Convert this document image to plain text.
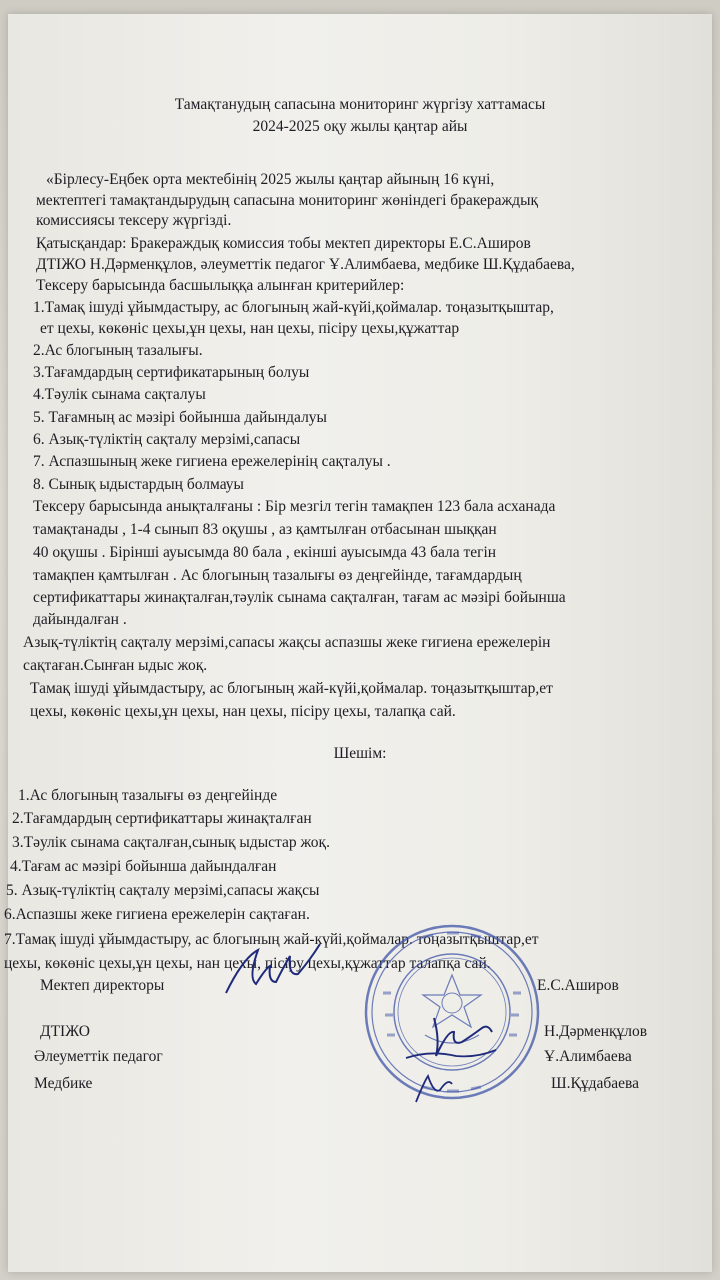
Тамақтанудың сапасына мониторинг жүргізу хаттамасы
2024-2025 оқу жылы қаңтар айы
«Бірлесу-Еңбек орта мектебінің 2025 жылы қаңтар айының 16 күні,
мектептегі тамақтандырудың сапасына мониторинг жөніндегі бракераждық
комиссиясы тексеру жүргізді.
Қатысқандар: Бракераждық комиссия тобы мектеп директоры Е.С.Аширов
ДТІЖО Н.Дәрменқұлов, әлеуметтік педагог Ұ.Алимбаева, медбике Ш.Құдабаева,
Тексеру барысында басшылыққа алынған критерийлер:
1.Тамақ ішуді ұйымдастыру, ас блогының жай-күйі,қоймалар. тоңазытқыштар,
ет цехы, көкөніс цехы,ұн цехы, нан цехы, пісіру цехы,құжаттар
2.Ас блогының тазалығы.
3.Тағамдардың сертификатарының болуы
4.Тәулік сынама сақталуы
5. Тағамның ас мәзірі бойынша дайындалуы
6. Азық-түліктің сақталу мерзімі,сапасы
7. Аспазшының жеке гигиена ережелерінің сақталуы .
8. Сынық ыдыстардың болмауы
Тексеру барысында анықталғаны : Бір мезгіл тегін тамақпен 123 бала асханада
тамақтанады , 1-4 сынып 83 оқушы , аз қамтылған отбасынан шыққан
40 оқушы . Бірінші ауысымда 80 бала , екінші ауысымда 43 бала тегін
тамақпен қамтылған . Ас блогының тазалығы өз деңгейінде, тағамдардың
сертификаттары жинақталған,тәулік сынама сақталған, тағам ас мәзірі бойынша
дайындалған .
Азық-түліктің сақталу мерзімі,сапасы жақсы аспазшы жеке гигиена ережелерін
сақтаған.Сынған ыдыс жоқ.
Тамақ ішуді ұйымдастыру, ас блогының жай-күйі,қоймалар. тоңазытқыштар,ет
цехы, көкөніс цехы,ұн цехы, нан цехы, пісіру цехы, талапқа сай.
Шешім:
1.Ас блогының тазалығы өз деңгейінде
2.Тағамдардың сертификаттары жинақталған
3.Тәулік сынама сақталған,сынық ыдыстар жоқ.
4.Тағам ас мәзірі бойынша дайындалған
5. Азық-түліктің сақталу мерзімі,сапасы жақсы
6.Аспазшы жеке гигиена ережелерін сақтаған.
7.Тамақ ішуді ұйымдастыру, ас блогының жай-күйі,қоймалар. тоңазытқыштар,ет
цехы, көкөніс цехы,ұн цехы, нан цехы, пісіру цехы,құжаттар талапқа сай.
Мектеп директоры	Е.С.Аширов
ДТІЖО	Н.Дәрменқұлов
Әлеуметтік педагог	Ұ.Алимбаева
Медбике	Ш.Құдабаева
